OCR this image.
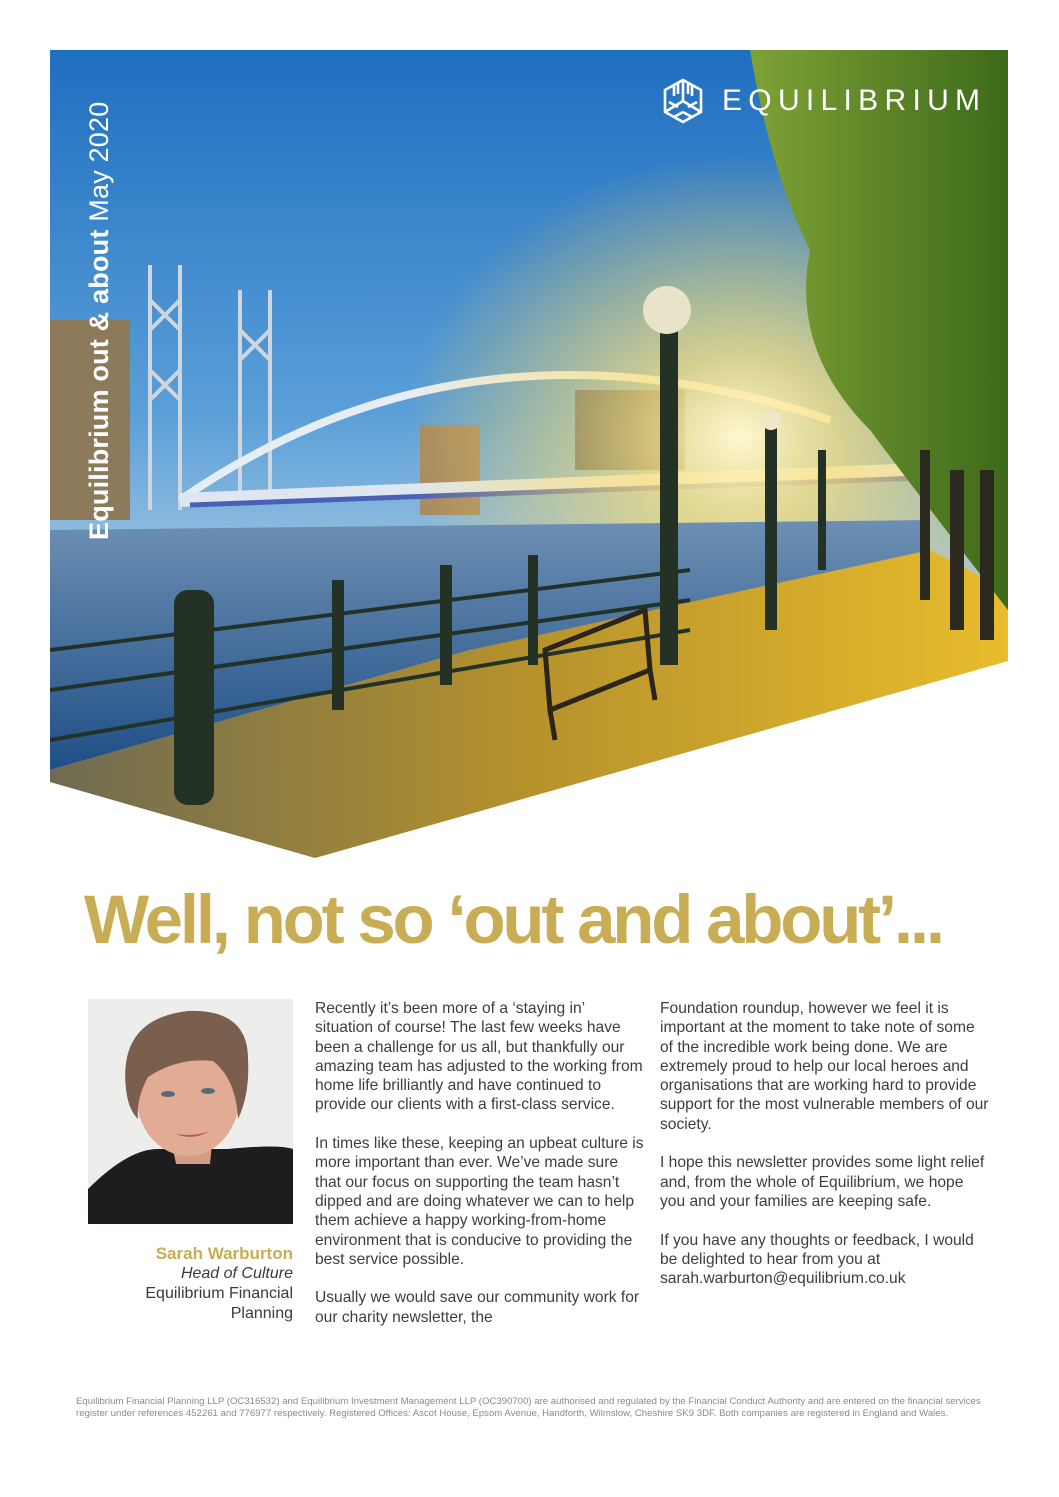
Equilibrium out & about May 2020
EQUILIBRIUM
Well, not so ‘out and about’...
Sarah Warburton
Head of Culture
Equilibrium Financial Planning

Recently it’s been more of a ‘staying in’ situation of course! The last few weeks have been a challenge for us all, but thankfully our amazing team has adjusted to the working from home life brilliantly and have continued to provide our clients with a first-class service.

In times like these, keeping an upbeat culture is more important than ever. We’ve made sure that our focus on supporting the team hasn’t dipped and are doing whatever we can to help them achieve a happy working-from-home environment that is conducive to providing the best service possible.

Usually we would save our community work for our charity newsletter, the

Foundation roundup, however we feel it is important at the moment to take note of some of the incredible work being done. We are extremely proud to help our local heroes and organisations that are working hard to provide support for the most vulnerable members of our society.

I hope this newsletter provides some light relief and, from the whole of Equilibrium, we hope you and your families are keeping safe.

If you have any thoughts or feedback, I would be delighted to hear from you at sarah.warburton@equilibrium.co.uk

Equilibrium Financial Planning LLP (OC316532) and Equilibrium Investment Management LLP (OC390700) are authorised and regulated by the Financial Conduct Authority and are entered on the financial services register under references 452261 and 776977 respectively. Registered Offices: Ascot House, Epsom Avenue, Handforth, Wilmslow, Cheshire SK9 3DF. Both companies are registered in England and Wales.
